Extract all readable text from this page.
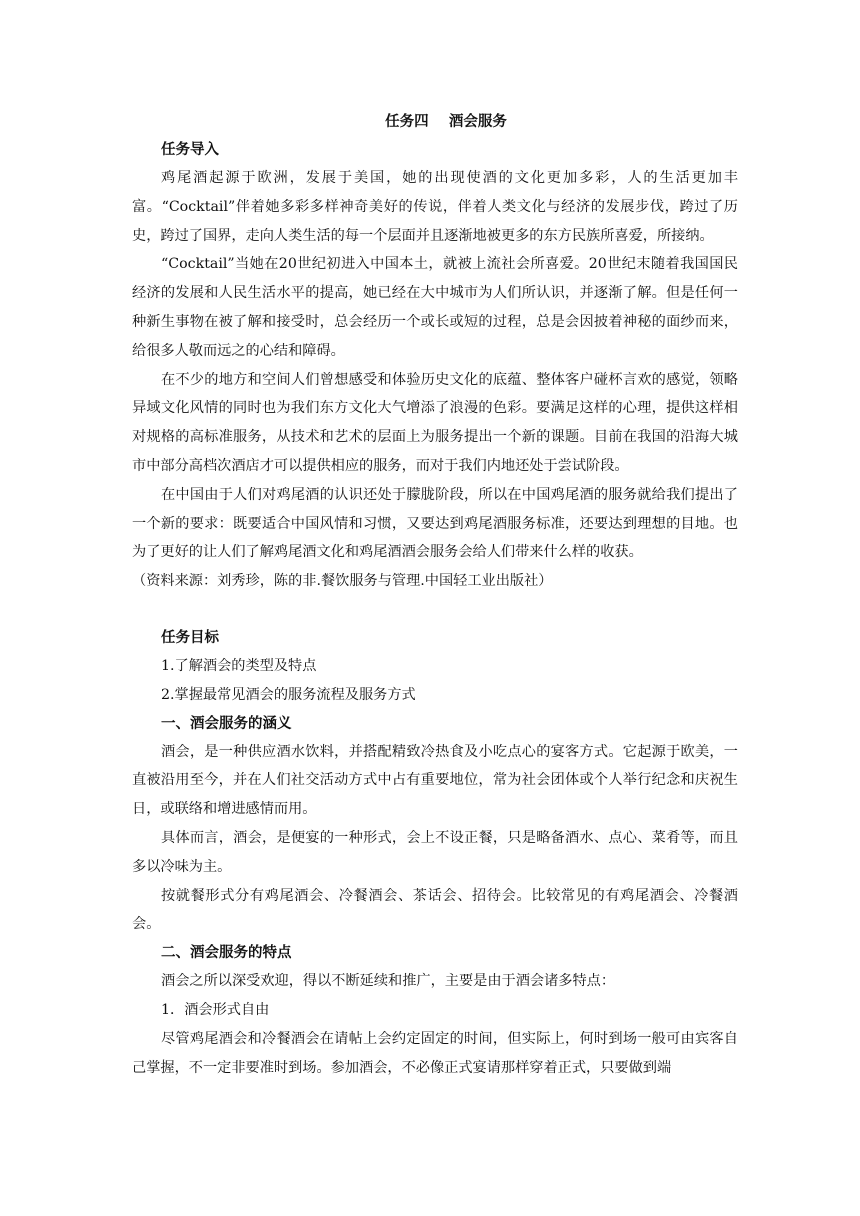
任务四    酒会服务

任务导入

鸡尾酒起源于欧洲，发展于美国，她的出现使酒的文化更加多彩，人的生活更加丰富。“Cocktail”伴着她多彩多样神奇美好的传说，伴着人类文化与经济的发展步伐，跨过了历史，跨过了国界，走向人类生活的每一个层面并且逐渐地被更多的东方民族所喜爱，所接纳。

“Cocktail”当她在20世纪初进入中国本土，就被上流社会所喜爱。20世纪末随着我国国民经济的发展和人民生活水平的提高，她已经在大中城市为人们所认识，并逐渐了解。但是任何一种新生事物在被了解和接受时，总会经历一个或长或短的过程，总是会因披着神秘的面纱而来，给很多人敬而远之的心结和障碍。

在不少的地方和空间人们曾想感受和体验历史文化的底蕴、整体客户碰杯言欢的感觉，领略异域文化风情的同时也为我们东方文化大气增添了浪漫的色彩。要满足这样的心理，提供这样相对规格的高标准服务，从技术和艺术的层面上为服务提出一个新的课题。目前在我国的沿海大城市中部分高档次酒店才可以提供相应的服务，而对于我们内地还处于尝试阶段。

在中国由于人们对鸡尾酒的认识还处于朦胧阶段，所以在中国鸡尾酒的服务就给我们提出了一个新的要求：既要适合中国风情和习惯，又要达到鸡尾酒服务标准，还要达到理想的目地。也为了更好的让人们了解鸡尾酒文化和鸡尾酒酒会服务会给人们带来什么样的收获。

（资料来源：刘秀珍，陈的非.餐饮服务与管理.中国轻工业出版社）

任务目标

1.了解酒会的类型及特点

2.掌握最常见酒会的服务流程及服务方式

一、酒会服务的涵义

酒会，是一种供应酒水饮料，并搭配精致冷热食及小吃点心的宴客方式。它起源于欧美，一直被沿用至今，并在人们社交活动方式中占有重要地位，常为社会团体或个人举行纪念和庆祝生日，或联络和增进感情而用。

具体而言，酒会，是便宴的一种形式，会上不设正餐，只是略备酒水、点心、菜肴等，而且多以冷味为主。

按就餐形式分有鸡尾酒会、冷餐酒会、茶话会、招待会。比较常见的有鸡尾酒会、冷餐酒会。

二、酒会服务的特点

酒会之所以深受欢迎，得以不断延续和推广，主要是由于酒会诸多特点：

1．酒会形式自由

尽管鸡尾酒会和冷餐酒会在请帖上会约定固定的时间，但实际上，何时到场一般可由宾客自己掌握，不一定非要准时到场。参加酒会，不必像正式宴请那样穿着正式，只要做到端
